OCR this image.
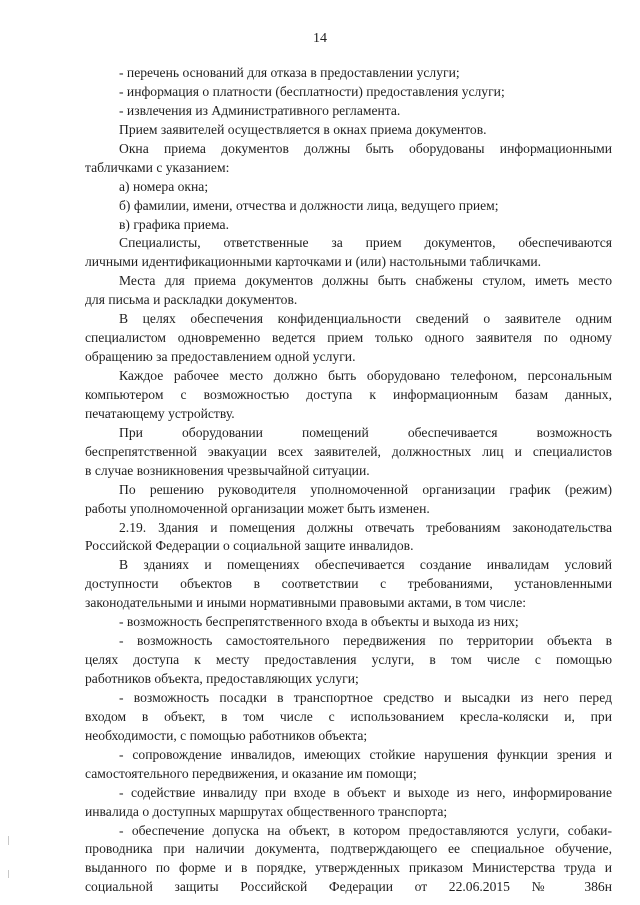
14
- перечень оснований для отказа в предоставлении услуги;
- информация о платности (бесплатности) предоставления услуги;
- извлечения из Административного регламента.
Прием заявителей осуществляется в окнах приема документов.
Окна приема документов должны быть оборудованы информационными
табличками с указанием:
а) номера окна;
б) фамилии, имени, отчества и должности лица, ведущего прием;
в) графика приема.
Специалисты, ответственные за прием документов, обеспечиваются
личными идентификационными карточками и (или) настольными табличками.
Места для приема документов должны быть снабжены стулом, иметь место
для письма и раскладки документов.
В целях обеспечения конфиденциальности сведений о заявителе одним
специалистом одновременно ведется прием только одного заявителя по одному
обращению за предоставлением одной услуги.
Каждое рабочее место должно быть оборудовано телефоном, персональным
компьютером с возможностью доступа к информационным базам данных,
печатающему устройству.
При оборудовании помещений обеспечивается возможность
беспрепятственной эвакуации всех заявителей, должностных лиц и специалистов
в случае возникновения чрезвычайной ситуации.
По решению руководителя уполномоченной организации график (режим)
работы уполномоченной организации может быть изменен.
2.19. Здания и помещения должны отвечать требованиям законодательства
Российской Федерации о социальной защите инвалидов.
В зданиях и помещениях обеспечивается создание инвалидам условий
доступности объектов в соответствии с требованиями, установленными
законодательными и иными нормативными правовыми актами, в том числе:
- возможность беспрепятственного входа в объекты и выхода из них;
- возможность самостоятельного передвижения по территории объекта в
целях доступа к месту предоставления услуги, в том числе с помощью
работников объекта, предоставляющих услуги;
- возможность посадки в транспортное средство и высадки из него перед
входом в объект, в том числе с использованием кресла-коляски и, при
необходимости, с помощью работников объекта;
- сопровождение инвалидов, имеющих стойкие нарушения функции зрения и
самостоятельного передвижения, и оказание им помощи;
- содействие инвалиду при входе в объект и выходе из него, информирование
инвалида о доступных маршрутах общественного транспорта;
- обеспечение допуска на объект, в котором предоставляются услуги, собаки-
проводника при наличии документа, подтверждающего ее специальное обучение,
выданного по форме и в порядке, утвержденных приказом Министерства труда и
социальной защиты Российской Федерации от 22.06.2015 № 386н
